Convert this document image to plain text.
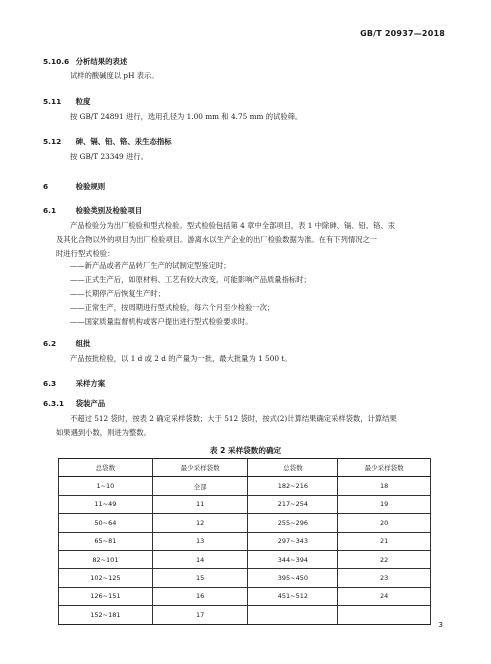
GB/T 20937—2018
5.10.6 分析结果的表述
试样的酸碱度以 pH 表示。
5.11 粒度
按 GB/T 24891 进行，选用孔径为 1.00 mm 和 4.75 mm 的试验筛。
5.12 砷、镉、铅、铬、汞生态指标
按 GB/T 23349 进行。
6	检验规则
6.1	检验类别及检验项目
产品检验分为出厂检验和型式检验。型式检验包括第 4 章中全部项目，表 1 中除砷、镉、铅、铬、汞
及其化合物以外的项目为出厂检验项目。游离水以生产企业的出厂检验数据为准。在有下列情况之一
时进行型式检验：
——新产品或者产品转厂生产的试制定型鉴定时；
——正式生产后，如原材料、工艺有较大改变，可能影响产品质量指标时；
——长期停产后恢复生产时；
——正常生产，按周期进行型式检验，每六个月至少检验一次；
——国家质量监督机构或客户提出进行型式检验要求时。
6.2	组批
产品按批检验，以 1 d 或 2 d 的产量为一批，最大批量为 1 500 t。
6.3	采样方案
6.3.1 袋装产品
不超过 512 袋时，按表 2 确定采样袋数；大于 512 袋时，按式(2)计算结果确定采样袋数，计算结果
如果遇到小数，则进为整数。
表 2 采样袋数的确定
总袋数	最少采样袋数	总袋数	最少采样袋数
1~10	全部	182~216	18
11~49	11	217~254	19
50~64	12	255~296	20
65~81	13	297~343	21
82~101	14	344~394	22
102~125	15	395~450	23
126~151	16	451~512	24
152~181	17		
3
